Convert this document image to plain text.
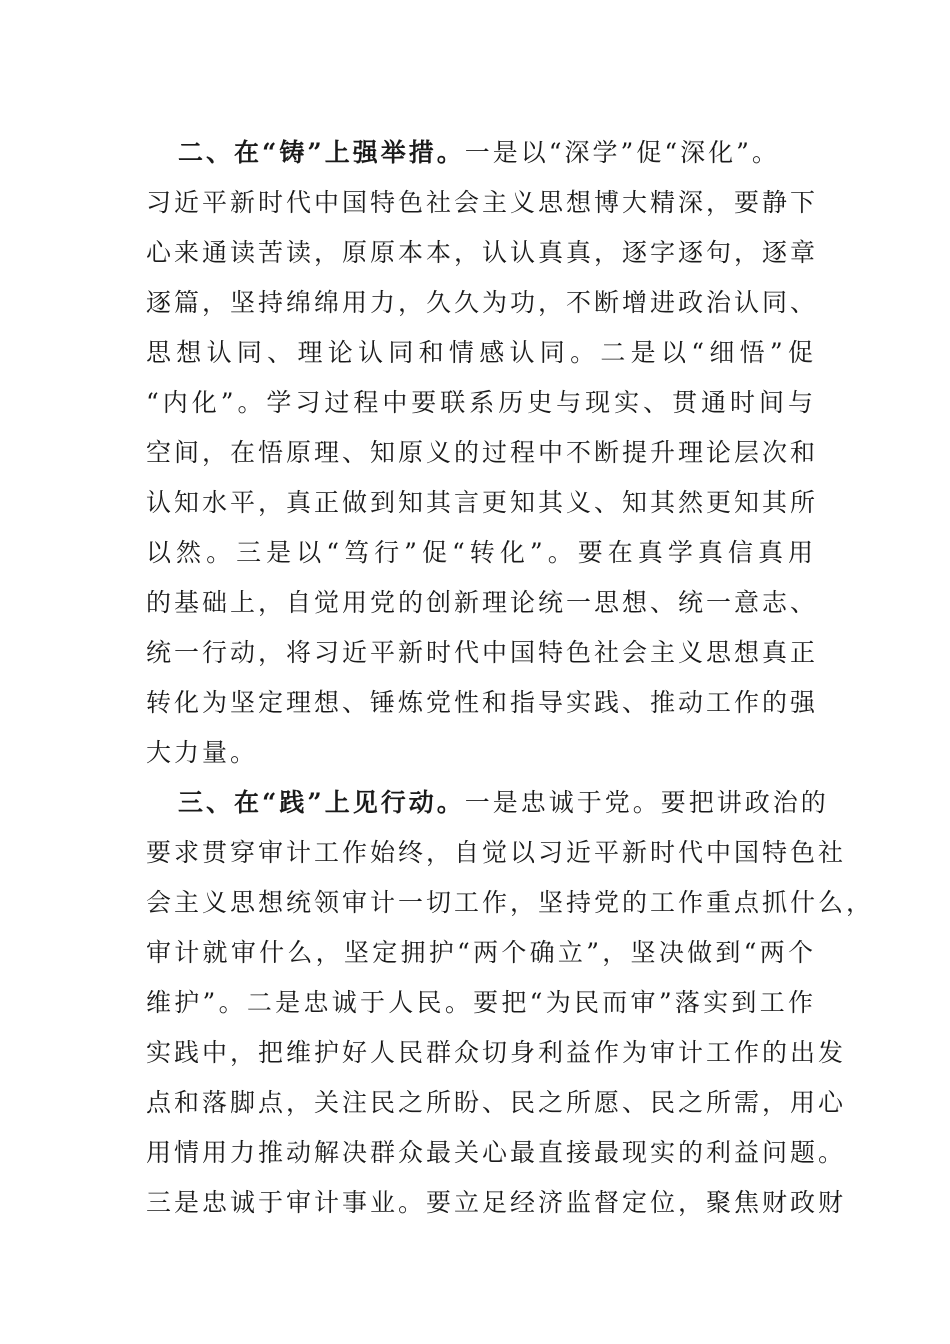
二、在“铸”上强举措。一是以“深学”促“深化”。
习近平新时代中国特色社会主义思想博大精深，要静下
心来通读苦读，原原本本，认认真真，逐字逐句，逐章
逐篇，坚持绵绵用力，久久为功，不断增进政治认同、
思想认同、理论认同和情感认同。二是以“细悟”促
“内化”。学习过程中要联系历史与现实、贯通时间与
空间，在悟原理、知原义的过程中不断提升理论层次和
认知水平，真正做到知其言更知其义、知其然更知其所
以然。三是以“笃行”促“转化”。要在真学真信真用
的基础上，自觉用党的创新理论统一思想、统一意志、
统一行动，将习近平新时代中国特色社会主义思想真正
转化为坚定理想、锤炼党性和指导实践、推动工作的强
大力量。
三、在“践”上见行动。一是忠诚于党。要把讲政治的
要求贯穿审计工作始终，自觉以习近平新时代中国特色社
会主义思想统领审计一切工作，坚持党的工作重点抓什么，
审计就审什么，坚定拥护“两个确立”，坚决做到“两个
维护”。二是忠诚于人民。要把“为民而审”落实到工作
实践中，把维护好人民群众切身利益作为审计工作的出发
点和落脚点，关注民之所盼、民之所愿、民之所需，用心
用情用力推动解决群众最关心最直接最现实的利益问题。
三是忠诚于审计事业。要立足经济监督定位，聚焦财政财
